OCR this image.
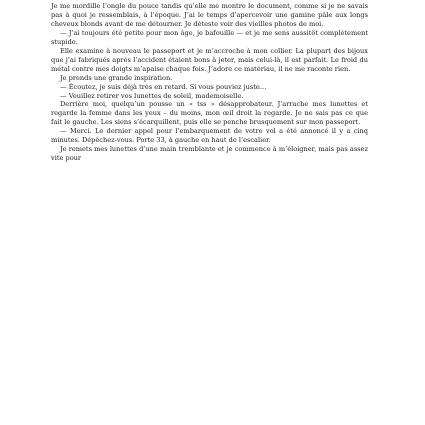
Je me mordille l’ongle du pouce tandis qu’elle me montre le document, comme si je ne savais pas à quoi je ressemblais, à l’époque. J’ai le temps d’apercevoir une gamine pâle aux longs cheveux blonds avant de me détourner. Je déteste voir des vieilles photos de moi.

— J’ai toujours été petite pour mon âge, je bafouille — et je me sens aussitôt complètement stupide.

Elle examine à nouveau le passeport et je m’accroche à mon collier. La plupart des bijoux que j’ai fabriqués après l’accident étaient bons à jeter, mais celui-là, il est parfait. Le froid du métal contre mes doigts m’apaise chaque fois. J’adore ce matériau, il ne me raconte rien.

Je prends une grande inspiration.

— Écoutez, je suis déjà très en retard. Si vous pouviez juste…

— Veuillez retirer vos lunettes de soleil, mademoiselle.

Derrière moi, quelqu’un pousse un « tss » désapprobateur. J’arrache mes lunettes et regarde la femme dans les yeux – du moins, mon œil droit la regarde. Je ne sais pas ce que fait le gauche. Les siens s’écarquillent, puis elle se penche brusquement sur mon passeport.

— Merci. Le dernier appel pour l’embarquement de votre vol a été annoncé il y a cinq minutes. Dépêchez-vous. Porte 33, à gauche en haut de l’escalier.

Je remets mes lunettes d’une main tremblante et je commence à m’éloigner, mais pas assez vite pour
